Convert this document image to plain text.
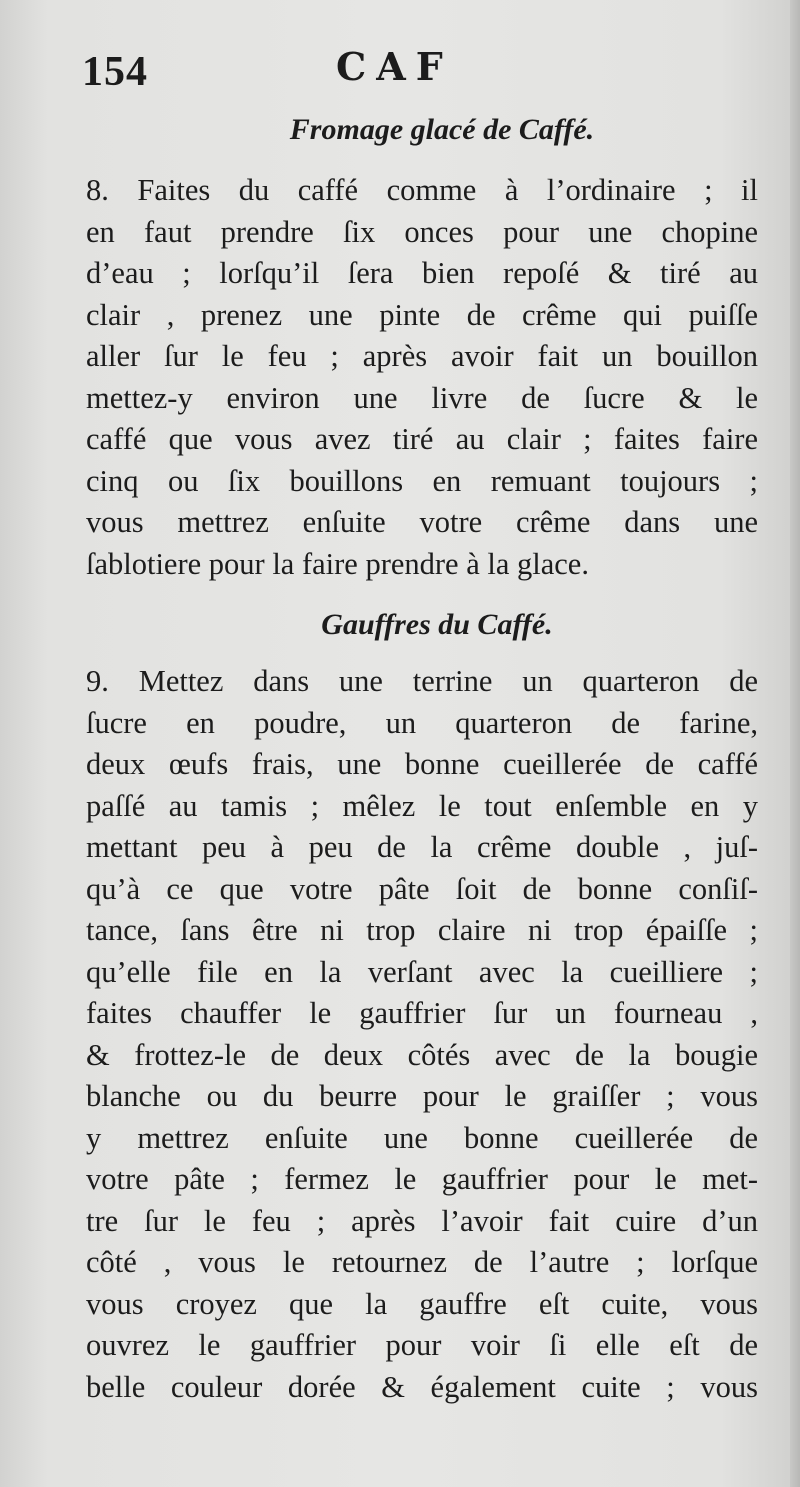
154	CAF
Fromage glacé de Caffé.
8. Faites du caffé comme à l’ordinaire ; il
en faut prendre ſix onces pour une chopine
d’eau ; lorſqu’il ſera bien repoſé & tiré au
clair , prenez une pinte de crême qui puiſſe
aller ſur le feu ; après avoir fait un bouillon
mettez-y environ une livre de ſucre & le
caffé que vous avez tiré au clair ; faites faire
cinq ou ſix bouillons en remuant toujours ;
vous mettrez enſuite votre crême dans une
ſablotiere pour la faire prendre à la glace.
Gauffres du Caffé.
9. Mettez dans une terrine un quarteron de
ſucre en poudre, un quarteron de farine,
deux œufs frais, une bonne cueillerée de caffé
paſſé au tamis ; mêlez le tout enſemble en y
mettant peu à peu de la crême double , juſ-
qu’à ce que votre pâte ſoit de bonne conſiſ-
tance, ſans être ni trop claire ni trop épaiſſe ;
qu’elle file en la verſant avec la cueilliere ;
faites chauffer le gauffrier ſur un fourneau ,
& frottez-le de deux côtés avec de la bougie
blanche ou du beurre pour le graiſſer ; vous
y mettrez enſuite une bonne cueillerée de
votre pâte ; fermez le gauffrier pour le met-
tre ſur le feu ; après l’avoir fait cuire d’un
côté , vous le retournez de l’autre ; lorſque
vous croyez que la gauffre eſt cuite, vous
ouvrez le gauffrier pour voir ſi elle eſt de
belle couleur dorée & également cuite ; vous
